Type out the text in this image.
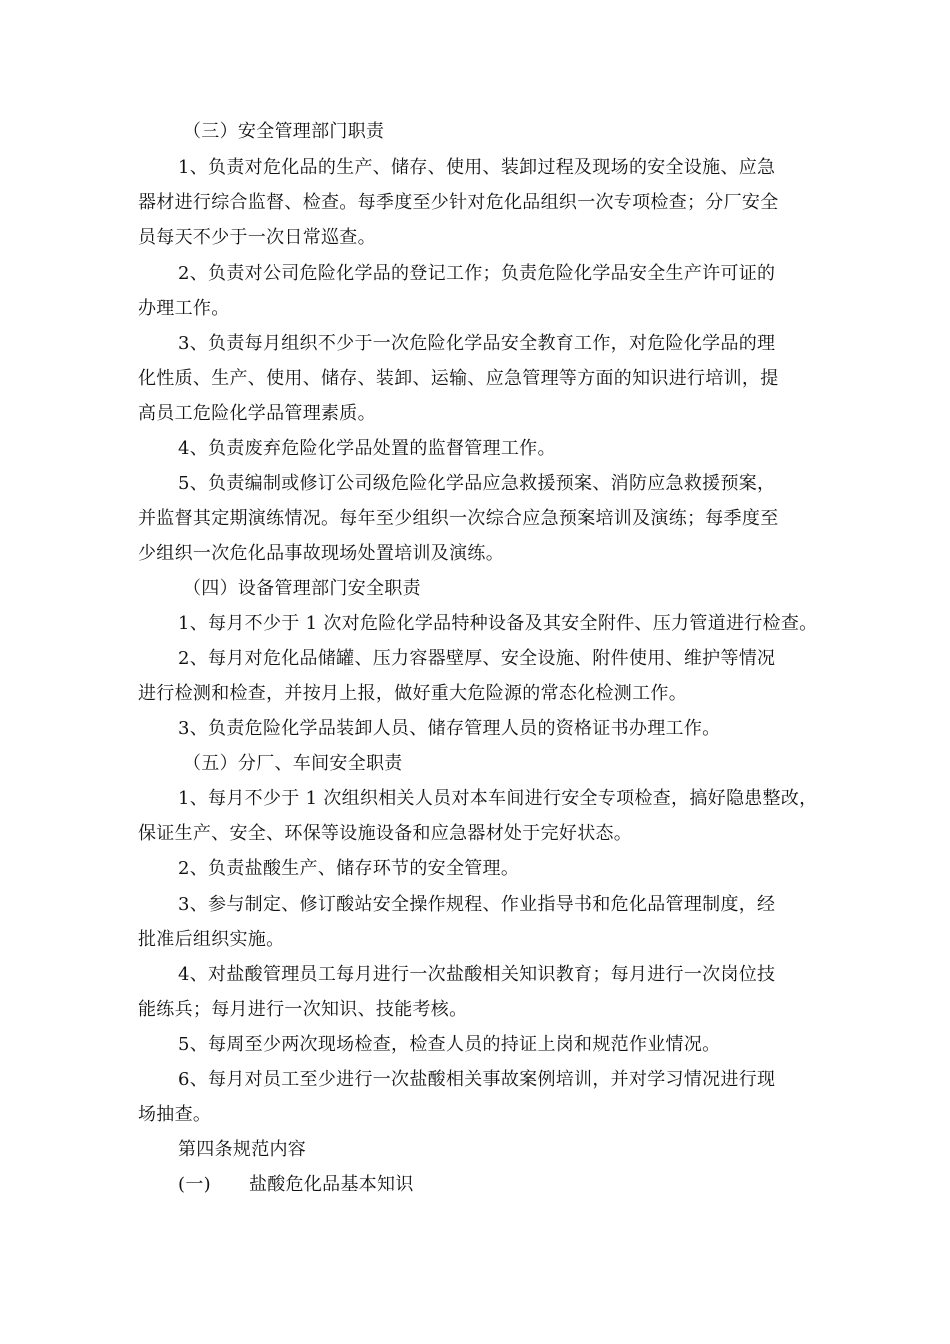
（三）安全管理部门职责
1、负责对危化品的生产、储存、使用、装卸过程及现场的安全设施、应急
器材进行综合监督、检查。每季度至少针对危化品组织一次专项检查；分厂安全
员每天不少于一次日常巡查。
2、负责对公司危险化学品的登记工作；负责危险化学品安全生产许可证的
办理工作。
3、负责每月组织不少于一次危险化学品安全教育工作，对危险化学品的理
化性质、生产、使用、储存、装卸、运输、应急管理等方面的知识进行培训，提
高员工危险化学品管理素质。
4、负责废弃危险化学品处置的监督管理工作。
5、负责编制或修订公司级危险化学品应急救援预案、消防应急救援预案，
并监督其定期演练情况。每年至少组织一次综合应急预案培训及演练；每季度至
少组织一次危化品事故现场处置培训及演练。
（四）设备管理部门安全职责
1、每月不少于 1 次对危险化学品特种设备及其安全附件、压力管道进行检查。
2、每月对危化品储罐、压力容器壁厚、安全设施、附件使用、维护等情况
进行检测和检查，并按月上报，做好重大危险源的常态化检测工作。
3、负责危险化学品装卸人员、储存管理人员的资格证书办理工作。
（五）分厂、车间安全职责
1、每月不少于 1 次组织相关人员对本车间进行安全专项检查，搞好隐患整改，
保证生产、安全、环保等设施设备和应急器材处于完好状态。
2、负责盐酸生产、储存环节的安全管理。
3、参与制定、修订酸站安全操作规程、作业指导书和危化品管理制度，经
批准后组织实施。
4、对盐酸管理员工每月进行一次盐酸相关知识教育；每月进行一次岗位技
能练兵；每月进行一次知识、技能考核。
5、每周至少两次现场检查，检查人员的持证上岗和规范作业情况。
6、每月对员工至少进行一次盐酸相关事故案例培训，并对学习情况进行现
场抽查。
第四条规范内容
(一) 盐酸危化品基本知识
